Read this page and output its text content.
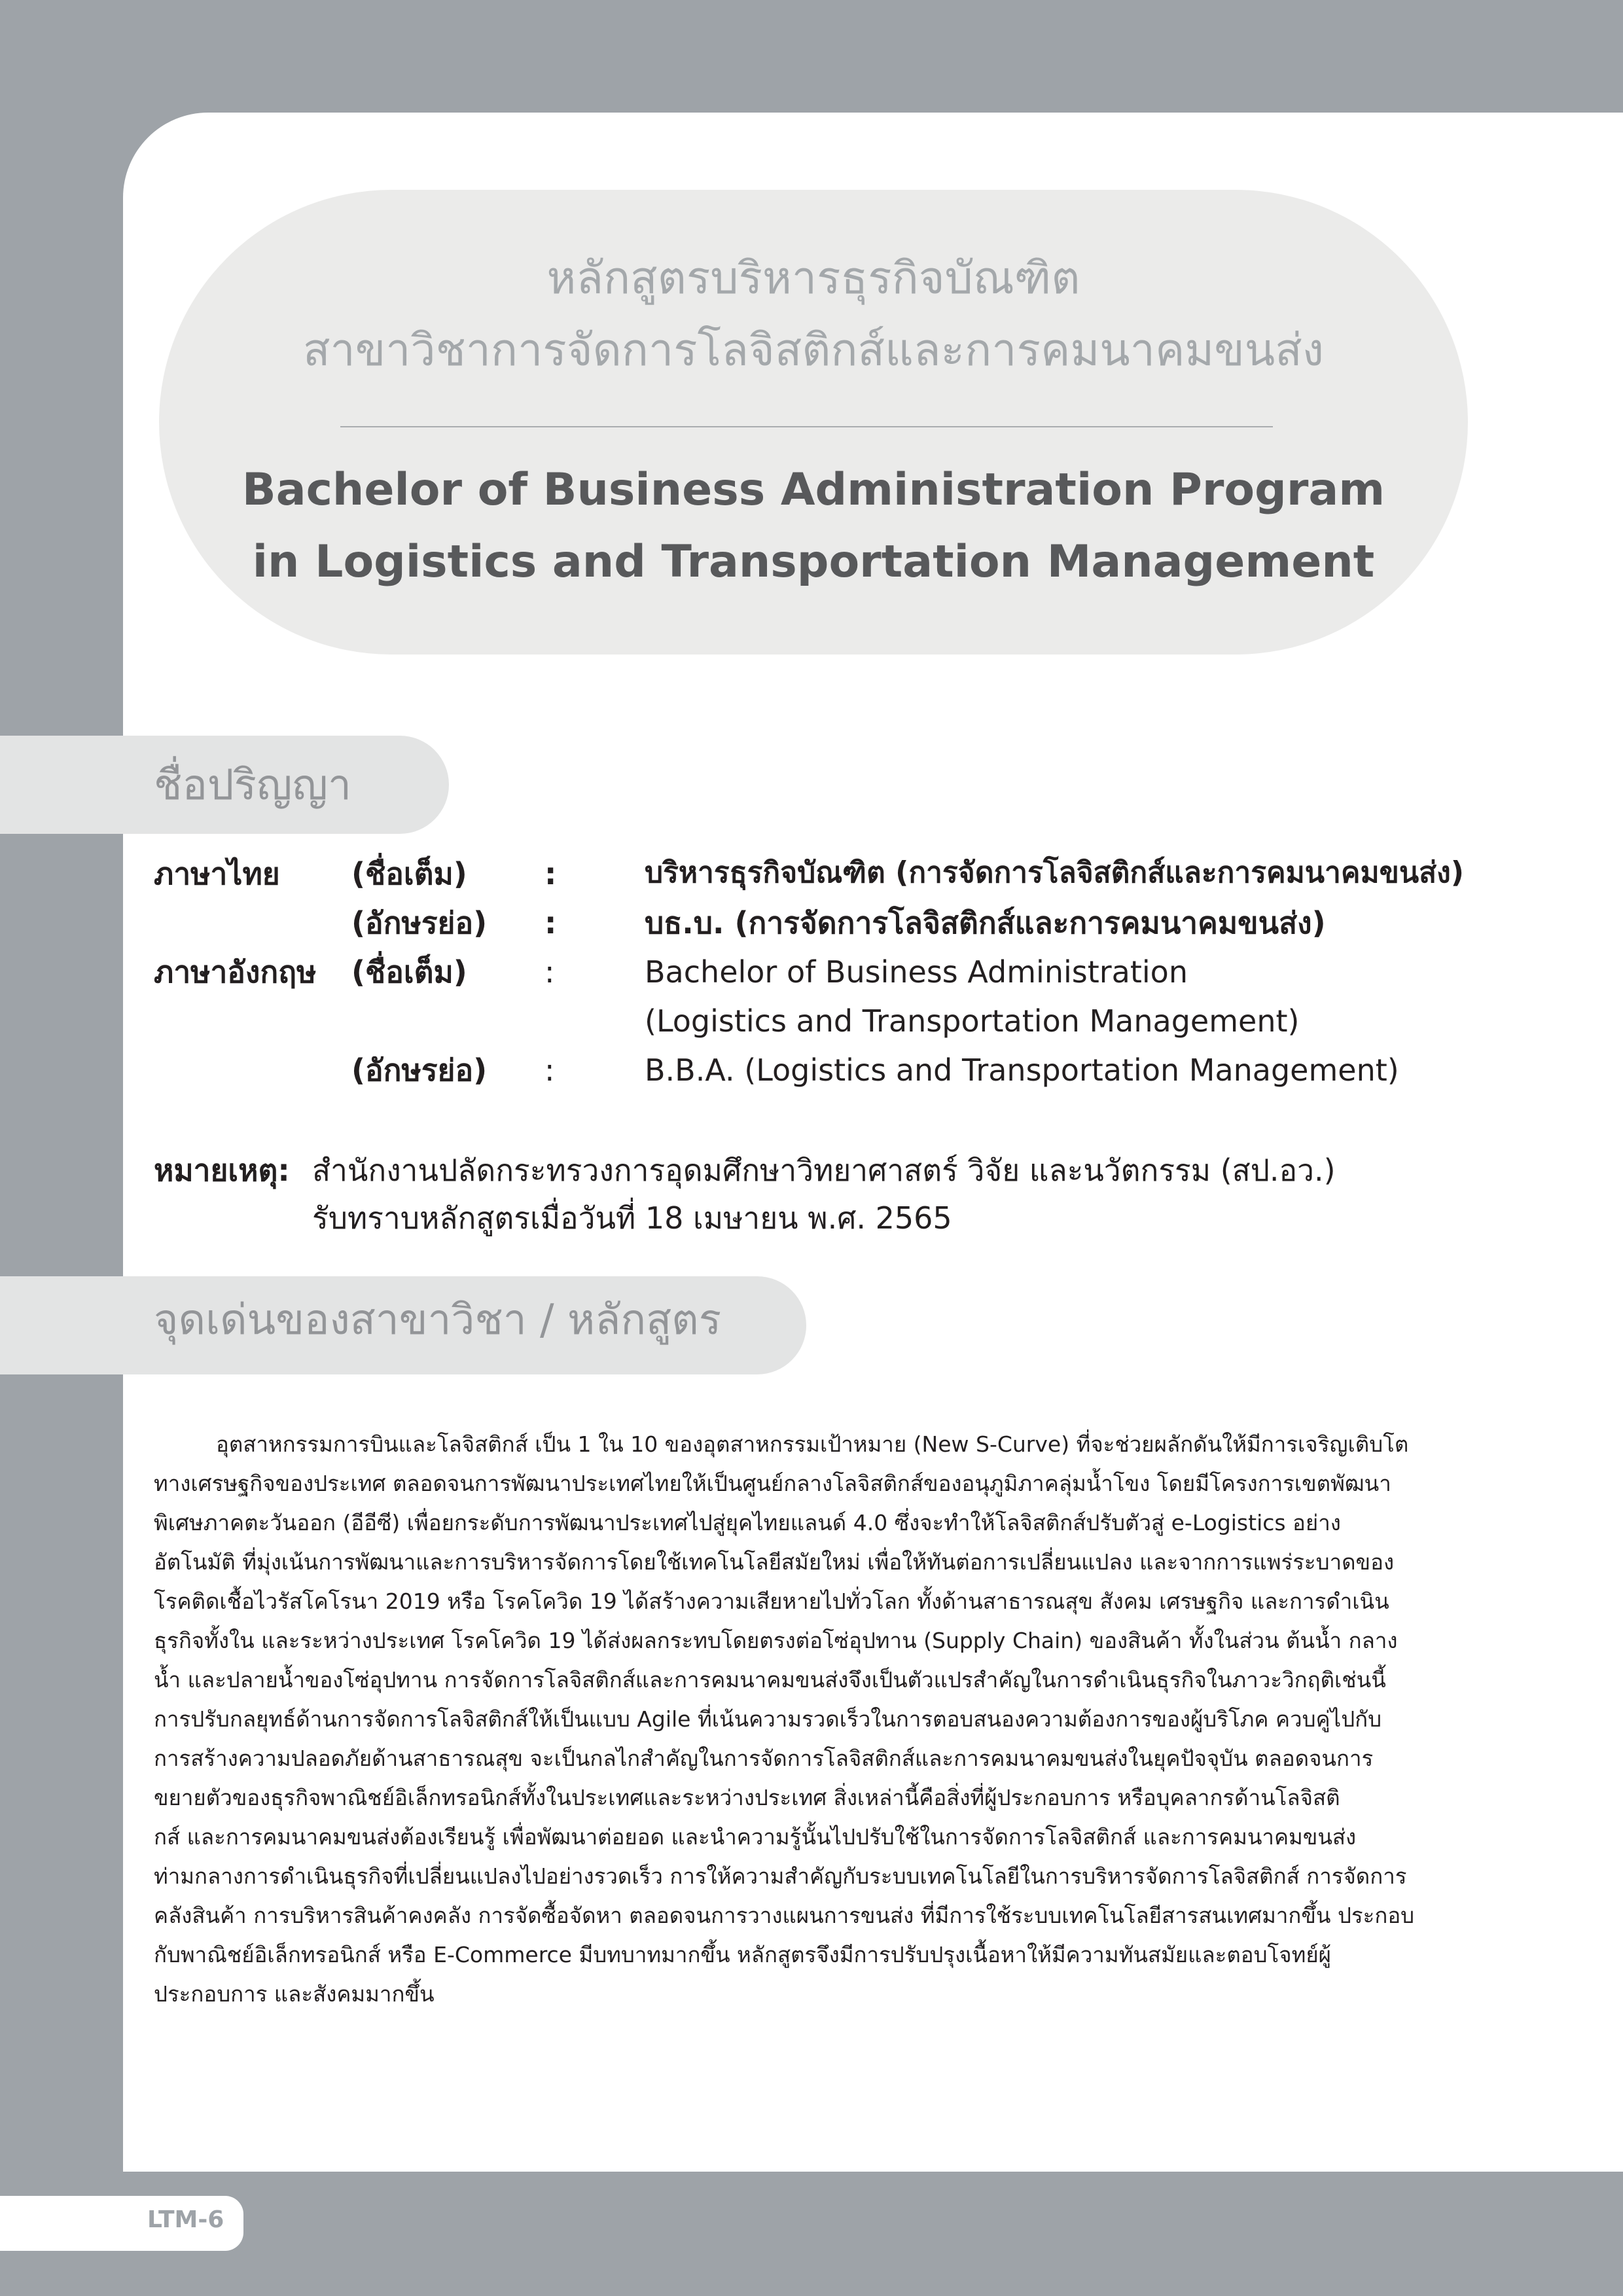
หลักสูตรบริหารธุรกิจบัณฑิต
สาขาวิชาการจัดการโลจิสติกส์และการคมนาคมขนส่ง
Bachelor of Business Administration Program
in Logistics and Transportation Management
ชื่อปริญญา
ภาษาไทย (ชื่อเต็ม)	:	บริหารธุรกิจบัณฑิต (การจัดการโลจิสติกส์และการคมนาคมขนส่ง)
(อักษรย่อ) :	บธ.บ. (การจัดการโลจิสติกส์และการคมนาคมขนส่ง)
ภาษาอังกฤษ (ชื่อเต็ม)	:	Bachelor of Business Administration
(Logistics and Transportation Management)
(อักษรย่อ) :	B.B.A. (Logistics and Transportation Management)
หมายเหตุ: สำนักงานปลัดกระทรวงการอุดมศึกษาวิทยาศาสตร์ วิจัย และนวัตกรรม (สป.อว.)
รับทราบหลักสูตรเมื่อวันที่ 18 เมษายน พ.ศ. 2565
จุดเด่นของสาขาวิชา / หลักสูตร
อุตสาหกรรมการบินและโลจิสติกส์ เป็น 1 ใน 10 ของอุตสาหกรรมเป้าหมาย (New S-Curve) ที่จะช่วยผลักดันให้มีการเจริญเติบโต
ทางเศรษฐกิจของประเทศ ตลอดจนการพัฒนาประเทศไทยให้เป็นศูนย์กลางโลจิสติกส์ของอนุภูมิภาคลุ่มน้ำโขง โดยมีโครงการเขตพัฒนา
พิเศษภาคตะวันออก (อีอีซี) เพื่อยกระดับการพัฒนาประเทศไปสู่ยุคไทยแลนด์ 4.0 ซึ่งจะทำให้โลจิสติกส์ปรับตัวสู่ e-Logistics อย่าง
อัตโนมัติ ที่มุ่งเน้นการพัฒนาและการบริหารจัดการโดยใช้เทคโนโลยีสมัยใหม่ เพื่อให้ทันต่อการเปลี่ยนแปลง และจากการแพร่ระบาดของ
โรคติดเชื้อไวรัสโคโรนา 2019 หรือ โรคโควิด 19 ได้สร้างความเสียหายไปทั่วโลก ทั้งด้านสาธารณสุข สังคม เศรษฐกิจ และการดำเนิน
ธุรกิจทั้งใน และระหว่างประเทศ โรคโควิด 19 ได้ส่งผลกระทบโดยตรงต่อโซ่อุปทาน (Supply Chain) ของสินค้า ทั้งในส่วน ต้นน้ำ กลาง
น้ำ และปลายน้ำของโซ่อุปทาน การจัดการโลจิสติกส์และการคมนาคมขนส่งจึงเป็นตัวแปรสำคัญในการดำเนินธุรกิจในภาวะวิกฤติเช่นนี้
การปรับกลยุทธ์ด้านการจัดการโลจิสติกส์ให้เป็นแบบ Agile ที่เน้นความรวดเร็วในการตอบสนองความต้องการของผู้บริโภค ควบคู่ไปกับ
การสร้างความปลอดภัยด้านสาธารณสุข จะเป็นกลไกสำคัญในการจัดการโลจิสติกส์และการคมนาคมขนส่งในยุคปัจจุบัน ตลอดจนการ
ขยายตัวของธุรกิจพาณิชย์อิเล็กทรอนิกส์ทั้งในประเทศและระหว่างประเทศ สิ่งเหล่านี้คือสิ่งที่ผู้ประกอบการ หรือบุคลากรด้านโลจิสติ
กส์ และการคมนาคมขนส่งต้องเรียนรู้ เพื่อพัฒนาต่อยอด และนำความรู้นั้นไปปรับใช้ในการจัดการโลจิสติกส์ และการคมนาคมขนส่ง
ท่ามกลางการดำเนินธุรกิจที่เปลี่ยนแปลงไปอย่างรวดเร็ว การให้ความสำคัญกับระบบเทคโนโลยีในการบริหารจัดการโลจิสติกส์ การจัดการ
คลังสินค้า การบริหารสินค้าคงคลัง การจัดซื้อจัดหา ตลอดจนการวางแผนการขนส่ง ที่มีการใช้ระบบเทคโนโลยีสารสนเทศมากขึ้น ประกอบ
กับพาณิชย์อิเล็กทรอนิกส์ หรือ E-Commerce มีบทบาทมากขึ้น หลักสูตรจึงมีการปรับปรุงเนื้อหาให้มีความทันสมัยและตอบโจทย์ผู้
ประกอบการ และสังคมมากขึ้น
LTM-6
